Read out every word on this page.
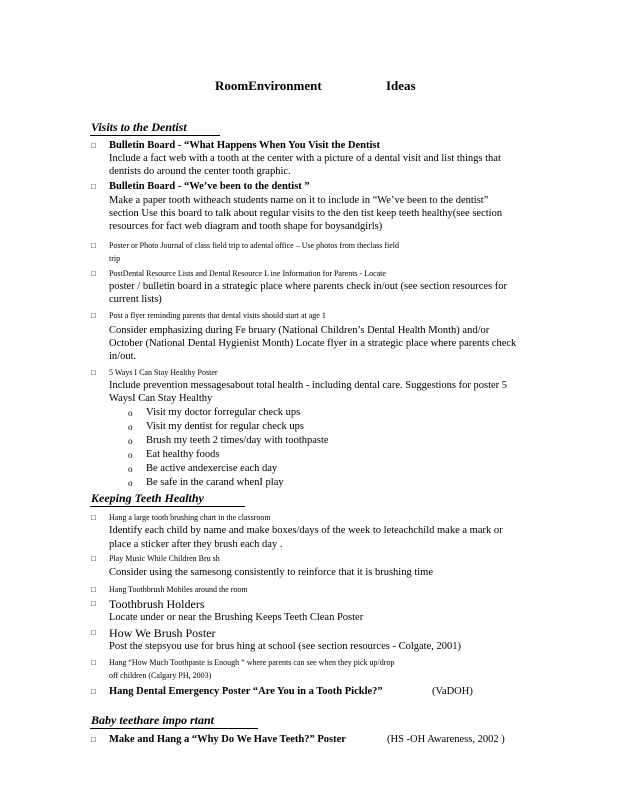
RoomEnvironment	Ideas
Visits to the Dentist
□ Bulletin Board - “What Happens When You Visit the Dentist
Include a fact web with a tooth at the center with a picture of a dental visit and list things that
dentists do around the center tooth graphic.
□ Bulletin Board - “We’ve been to the dentist ”
Make a paper tooth witheach students name on it to include in “We’ve been to the dentist”
section Use this board to talk about regular visits to the den tist keep teeth healthy(see section
resources for fact web diagram and tooth shape for boysandgirls)
□ Poster or Photo Journal of class field trip to adental office – Use photos from theclass field
trip
□ PostDental Resource Lists and Dental Resource L ine Information for Parents - Locate
poster / bulletin board in a strategic place where parents check in/out (see section resources for
current lists)
□ Post a flyer reminding parents that dental visits should start at age 1
Consider emphasizing during Fe bruary (National Children’s Dental Health Month) and/or
October (National Dental Hygienist Month) Locate flyer in a strategic place where parents check
in/out.
□ 5 Ways I Can Stay Healthy Poster
Include prevention messagesabout total health - including dental care. Suggestions for poster 5
WaysI Can Stay Healthy
o Visit my doctor forregular check ups
o Visit my dentist for regular check ups
o Brush my teeth 2 times/day with toothpaste
o Eat healthy foods
o Be active andexercise each day
o Be safe in the carand whenI play
Keeping Teeth Healthy
□ Hang a large tooth brushing chart in the classroom
Identify each child by name and make boxes/days of the week to leteachchild make a mark or
place a sticker after they brush each day .
□ Play Music While Children Bru sh
Consider using the samesong consistently to reinforce that it is brushing time
□ Hang Toothbrush Mobiles around the room
□ Toothbrush Holders
Locate under or near the Brushing Keeps Teeth Clean Poster
□ How We Brush Poster
Post the stepsyou use for brus hing at school (see section resources - Colgate, 2001)
□ Hang “How Much Toothpaste is Enough ” where parents can see when they pick up/drop
off children (Calgary PH, 2003)
□ Hang Dental Emergency Poster “Are You in a Tooth Pickle?”	(VaDOH)
Baby teethare impo rtant
□ Make and Hang a “Why Do We Have Teeth?” Poster	(HS -OH Awareness, 2002 )
